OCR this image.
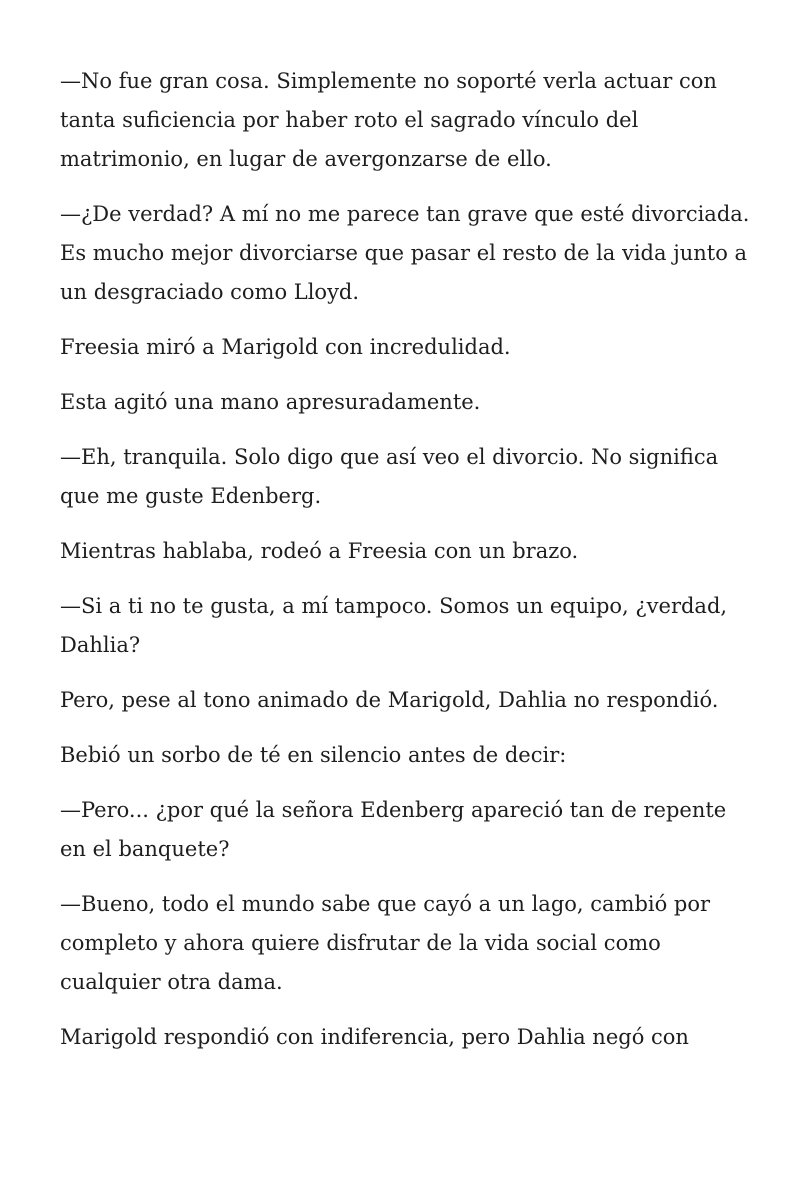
—No fue gran cosa. Simplemente no soporté verla actuar con tanta suficiencia por haber roto el sagrado vínculo del matrimonio, en lugar de avergonzarse de ello.

—¿De verdad? A mí no me parece tan grave que esté divorciada. Es mucho mejor divorciarse que pasar el resto de la vida junto a un desgraciado como Lloyd.

Freesia miró a Marigold con incredulidad.

Esta agitó una mano apresuradamente.

—Eh, tranquila. Solo digo que así veo el divorcio. No significa que me guste Edenberg.

Mientras hablaba, rodeó a Freesia con un brazo.

—Si a ti no te gusta, a mí tampoco. Somos un equipo, ¿verdad, Dahlia?

Pero, pese al tono animado de Marigold, Dahlia no respondió.

Bebió un sorbo de té en silencio antes de decir:

—Pero... ¿por qué la señora Edenberg apareció tan de repente en el banquete?

—Bueno, todo el mundo sabe que cayó a un lago, cambió por completo y ahora quiere disfrutar de la vida social como cualquier otra dama.

Marigold respondió con indiferencia, pero Dahlia negó con
